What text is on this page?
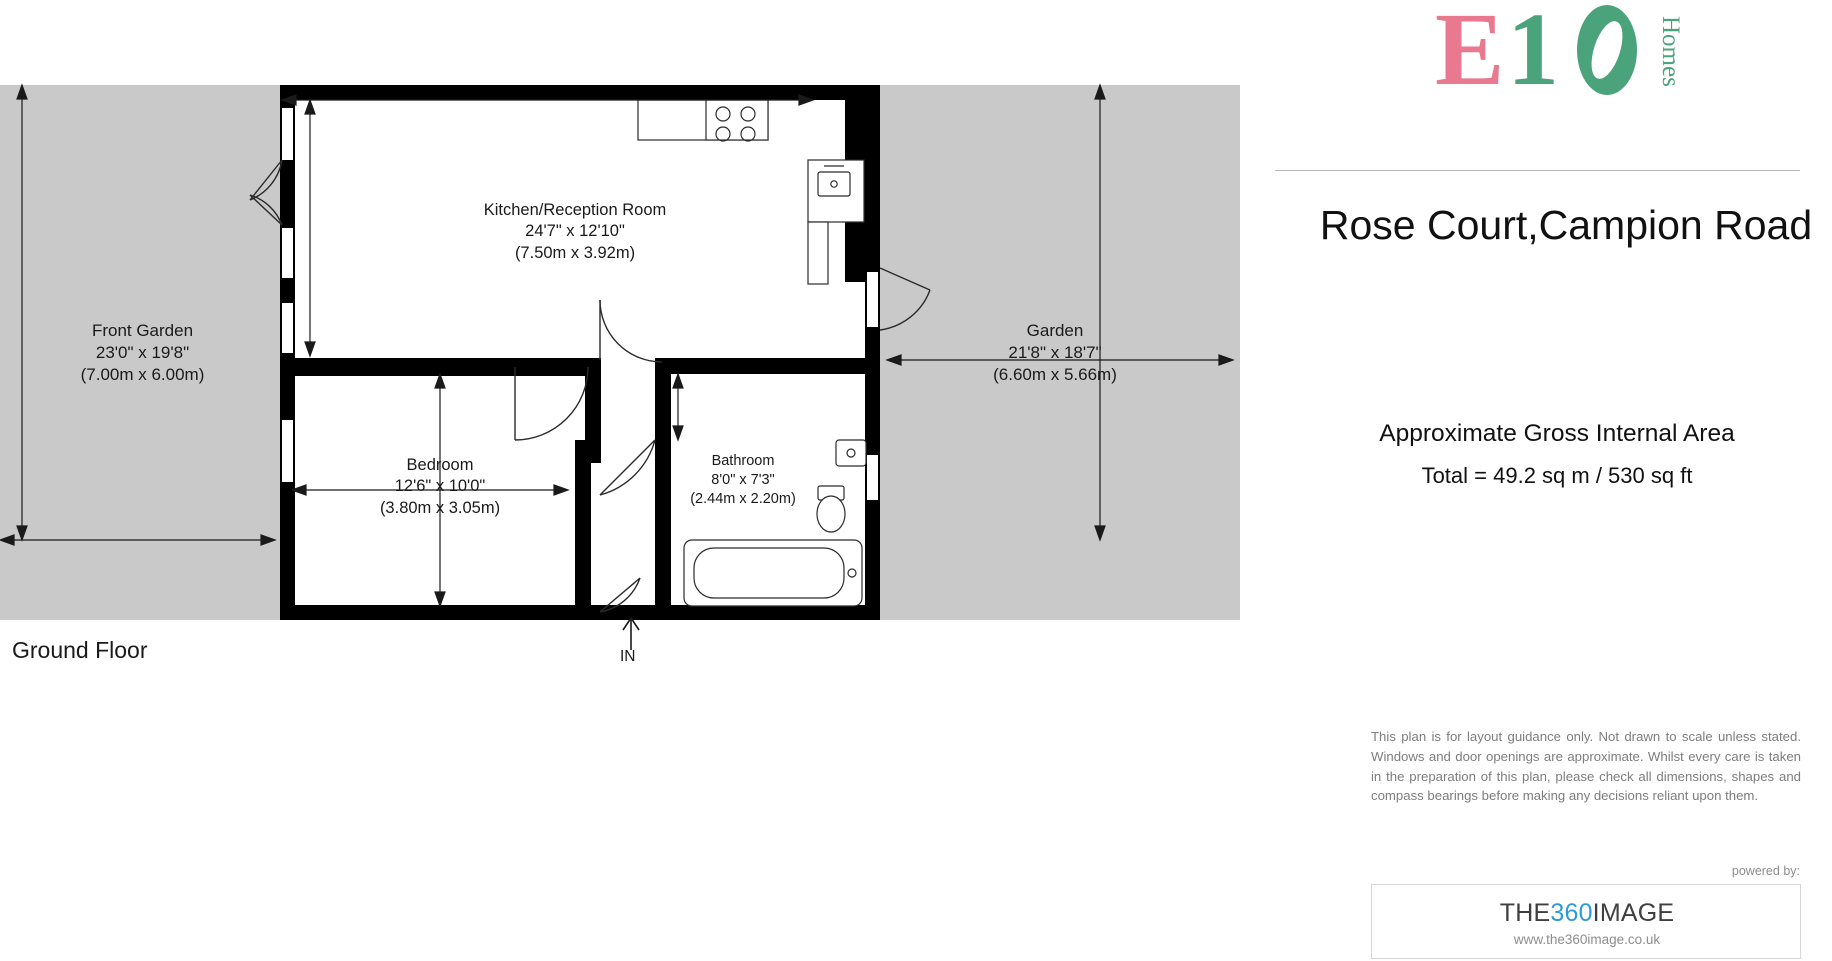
Kitchen/Reception Room
24'7" x 12'10"
(7.50m x 3.92m)
Bedroom
12'6" x 10'0"
(3.80m x 3.05m)
Bathroom
8'0" x 7'3"
(2.44m x 2.20m)
Front Garden
23'0" x 19'8"
(7.00m x 6.00m)
Garden
21'8" x 18'7"
(6.60m x 5.66m)
Ground Floor	IN
E 1	Homes
Rose Court,Campion Road
Approximate Gross Internal Area
Total = 49.2 sq m / 530 sq ft
This plan is for layout guidance only. Not drawn to scale unless stated. Windows and door openings are approximate. Whilst every care is taken in the preparation of this plan, please check all dimensions, shapes and compass bearings before making any decisions reliant upon them.
powered by:
THE360IMAGE
www.the360image.co.uk
